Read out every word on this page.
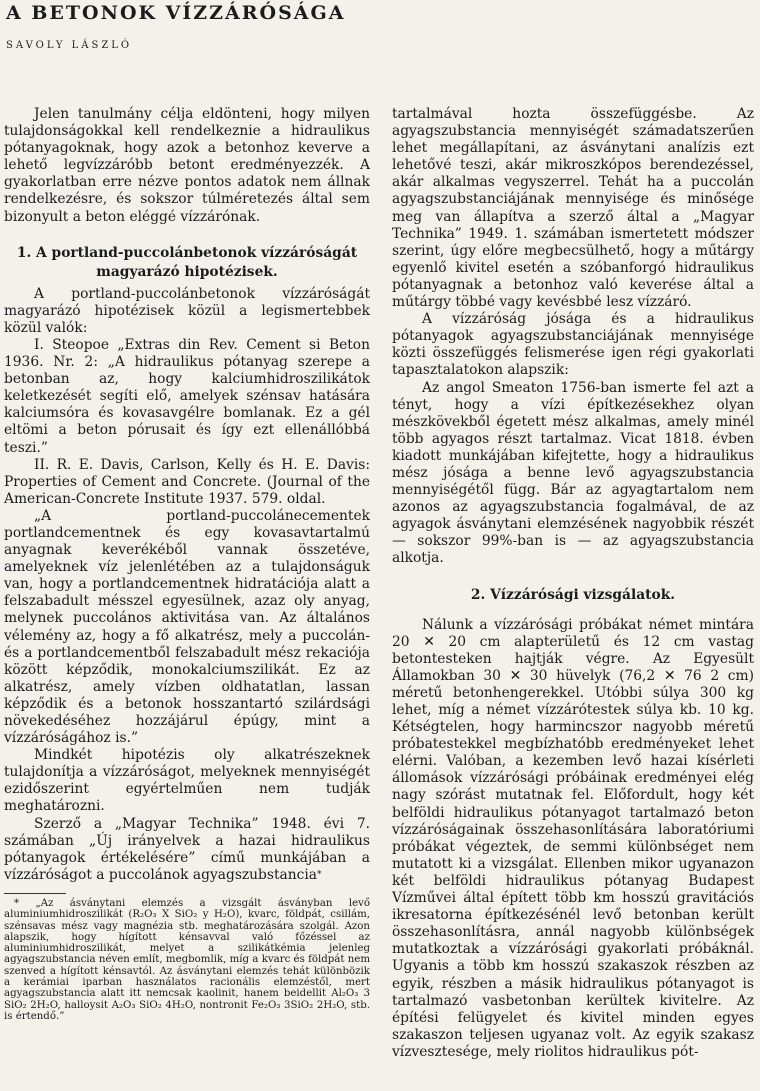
A BETONOK VÍZZÁRÓSÁGA
SAVOLY LÁSZLÓ

Jelen tanulmány célja eldönteni, hogy milyen tulajdonságokkal kell rendelkeznie a hidraulikus pótanyagoknak, hogy azok a betonhoz keverve a lehető legvízzáróbb betont eredményezzék. A gyakorlatban erre nézve pontos adatok nem állnak rendelkezésre, és sokszor túlméretezés által sem bizonyult a beton eléggé vízzárónak.

1. A portland-puccolánbetonok vízzáróságát magyarázó hipotézisek.

A portland-puccolánbetonok vízzáróságát magyarázó hipotézisek közül a legismertebbek közül valók:

I. Steopoe „Extras din Rev. Cement si Beton 1936. Nr. 2: „A hidraulikus pótanyag szerepe a betonban az, hogy kalciumhidroszilikátok keletkezését segíti elő, amelyek szénsav hatására kalciumsóra és kovasavgélre bomlanak. Ez a gél eltömi a beton pórusait és így ezt ellenállóbbá teszi.”

II. R. E. Davis, Carlson, Kelly és H. E. Davis: Properties of Cement and Concrete. (Journal of the American-Concrete Institute 1937. 579. oldal.

„A portland-puccolánecementek portlandcementnek és egy kovasavtartalmú anyagnak keverékéből vannak összetéve, amelyeknek víz jelenlétében az a tulajdonságuk van, hogy a portlandcementnek hidratációja alatt a felszabadult mésszel egyesülnek, azaz oly anyag, melynek puccolános aktivitása van. Az általános vélemény az, hogy a fő alkatrész, mely a puccolán- és a portlandcementből felszabadult mész rekaciója között képződik, monokalciumszilikát. Ez az alkatrész, amely vízben oldhatatlan, lassan képződik és a betonok hosszantartó szilárdsági növekedéséhez hozzájárul épúgy, mint a vízzáróságához is.”

Mindkét hipotézis oly alkatrészeknek tulajdonítja a vízzáróságot, melyeknek mennyiségét ezidőszerint egyértelműen nem tudják meghatározni.

Szerző a „Magyar Technika” 1948. évi 7. számában „Új irányelvek a hazai hidraulikus pótanyagok értékelésére” című munkájában a vízzáróságot a puccolánok agyagszubstancia*

* „Az ásványtani elemzés a vizsgált ásványban levő aluminiumhidroszilikát (R₂O₃ X SiO₂ y H₂O), kvarc, földpát, csillám, szénsavas mész vagy magnézia stb. meghatározására szolgál. Azon alapszik, hogy hígított kénsavval való főzéssel az aluminiumhidroszilikát, melyet a szilikátkémia jelenleg agyagszubstancia néven említ, megbomlik, míg a kvarc és földpát nem szenved a hígított kénsavtól. Az ásványtani elemzés tehát különbözik a kerámiai iparban használatos racionális elemzéstől, mert agyagszubstancia alatt itt nemcsak kaolinit, hanem beidellit Al₂O₃ 3 SiO₂ 2H₂O, halloysit A₂O₃ SiO₂ 4H₂O, nontronit Fe₂O₃ 3SiO₂ 2H₂O, stb. is értendő.”

tartalmával hozta összefüggésbe. Az agyagszubstancia mennyiségét számadatszerűen lehet megállapítani, az ásványtani analízis ezt lehetővé teszi, akár mikroszkópos berendezéssel, akár alkalmas vegyszerrel. Tehát ha a puccolán agyagszubstanciájának mennyisége és minősége meg van állapítva a szerző által a „Magyar Technika” 1949. 1. számában ismertetett módszer szerint, úgy előre megbecsülhető, hogy a műtárgy egyenlő kivitel esetén a szóbanforgó hidraulikus pótanyagnak a betonhoz való keverése által a műtárgy többé vagy kevésbbé lesz vízzáró.

A vízzáróság jósága és a hidraulikus pótanyagok agyagszubstanciájának mennyisége közti összefüggés felismerése igen régi gyakorlati tapasztalatokon alapszik:

Az angol Smeaton 1756-ban ismerte fel azt a tényt, hogy a vízi építkezésekhez olyan mészkövekből égetett mész alkalmas, amely minél több agyagos részt tartalmaz. Vicat 1818. évben kiadott munkájában kifejtette, hogy a hidraulikus mész jósága a benne levő agyagszubstancia mennyiségétől függ. Bár az agyagtartalom nem azonos az agyagszubstancia fogalmával, de az agyagok ásványtani elemzésének nagyobbik részét — sokszor 99%-ban is — az agyagszubstancia alkotja.

2. Vízzárósági vizsgálatok.

Nálunk a vízzárósági próbákat német mintára 20 ✕ 20 cm alapterületű és 12 cm vastag betontesteken hajtják végre. Az Egyesült Államokban 30 ✕ 30 hüvelyk (76,2 ✕ 76 2 cm) méretű betonhengerekkel. Utóbbi súlya 300 kg lehet, míg a német vízzárótestek súlya kb. 10 kg. Kétségtelen, hogy harmincszor nagyobb méretű próbatestekkel megbízhatóbb eredményeket lehet elérni. Valóban, a kezemben levő hazai kísérleti állomások vízzárósági próbáinak eredményei elég nagy szórást mutatnak fel. Előfordult, hogy két belföldi hidraulikus pótanyagot tartalmazó beton vízzáróságainak összehasonlítására laboratóriumi próbákat végeztek, de semmi különbséget nem mutatott ki a vizsgálat. Ellenben mikor ugyanazon két belföldi hidraulikus pótanyag Budapest Vízművei által épített több km hosszú gravitációs ikresatorna építkezésénél levő betonban került összehasonlításra, annál nagyobb különbségek mutatkoztak a vízzárósági gyakorlati próbáknál. Ugyanis a több km hosszú szakaszok részben az egyik, részben a másik hidraulikus pótanyagot is tartalmazó vasbetonban kerültek kivitelre. Az építési felügyelet és kivitel minden egyes szakaszon teljesen ugyanaz volt. Az egyik szakasz vízvesztesége, mely riolitos hidraulikus pót-
